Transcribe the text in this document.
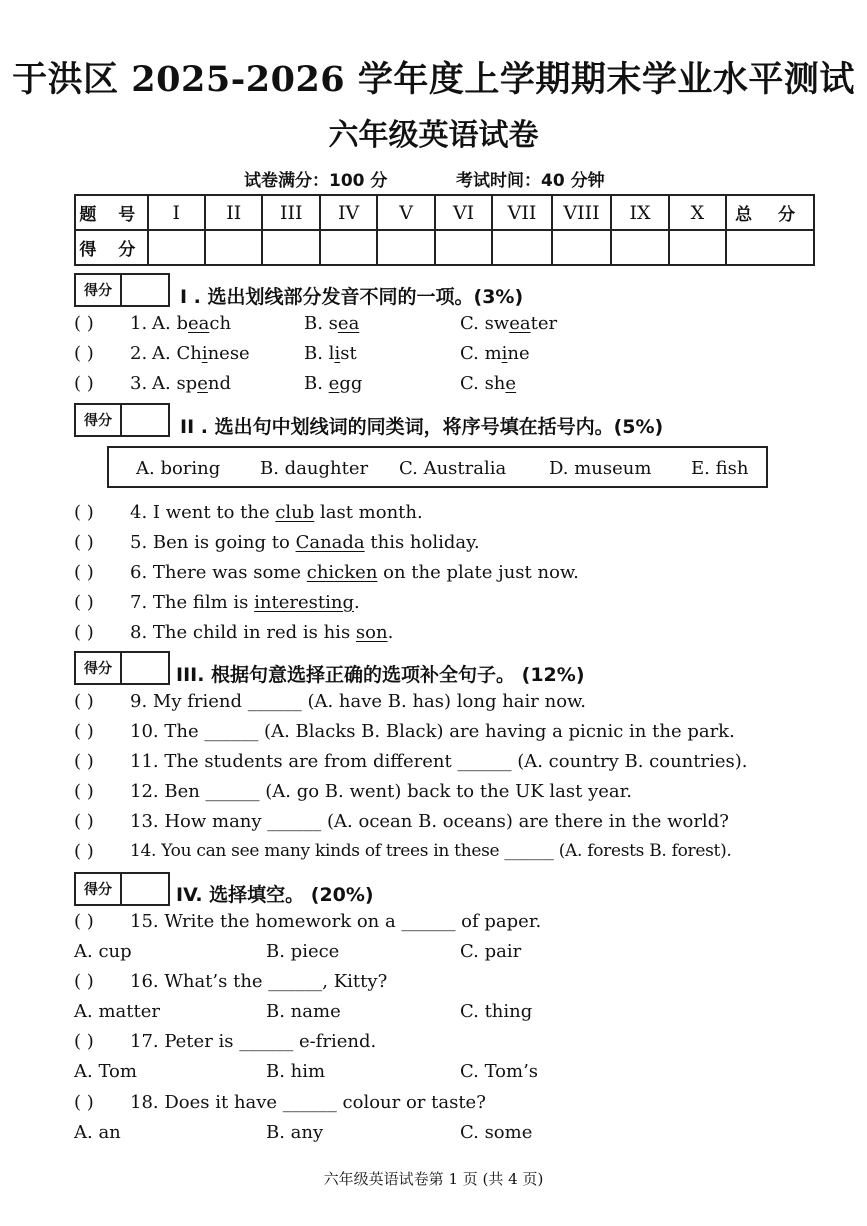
于洪区 2025-2026 学年度上学期期末学业水平测试
六年级英语试卷
试卷满分：100 分	考试时间：40 分钟
题 号	I	II	III	IV	V	VI	VII	VIII	IX	X	总 分
得 分											
得分	I . 选出划线部分发音不同的一项。(3%)
( ) 1. A. beach	B. sea	C. sweater
( ) 2. A. Chinese	B. list	C. mine
( ) 3. A. spend	B. egg	C. she
得分	II . 选出句中划线词的同类词，将序号填在括号内。(5%)
A. boring B. daughter C. Australia D. museum E. fish
( ) 4. I went to the club last month.
( ) 5. Ben is going to Canada this holiday.
( ) 6. There was some chicken on the plate just now.
( ) 7. The film is interesting.
( ) 8. The child in red is his son.
得分	III. 根据句意选择正确的选项补全句子。 (12%)
( ) 9. My friend ______ (A. have B. has) long hair now.
( ) 10. The ______ (A. Blacks B. Black) are having a picnic in the park.
( ) 11. The students are from different ______ (A. country B. countries).
( ) 12. Ben ______ (A. go B. went) back to the UK last year.
( ) 13. How many ______ (A. ocean B. oceans) are there in the world?
( ) 14. You can see many kinds of trees in these ______ (A. forests B. forest).
得分	IV. 选择填空。 (20%)
( ) 15. Write the homework on a ______ of paper.
A. cup	B. piece	C. pair
( ) 16. What’s the ______, Kitty?
A. matter	B. name	C. thing
( ) 17. Peter is ______ e-friend.
A. Tom	B. him	C. Tom’s
( ) 18. Does it have ______ colour or taste?
A. an	B. any	C. some
六年级英语试卷第 1 页 (共 4 页)
